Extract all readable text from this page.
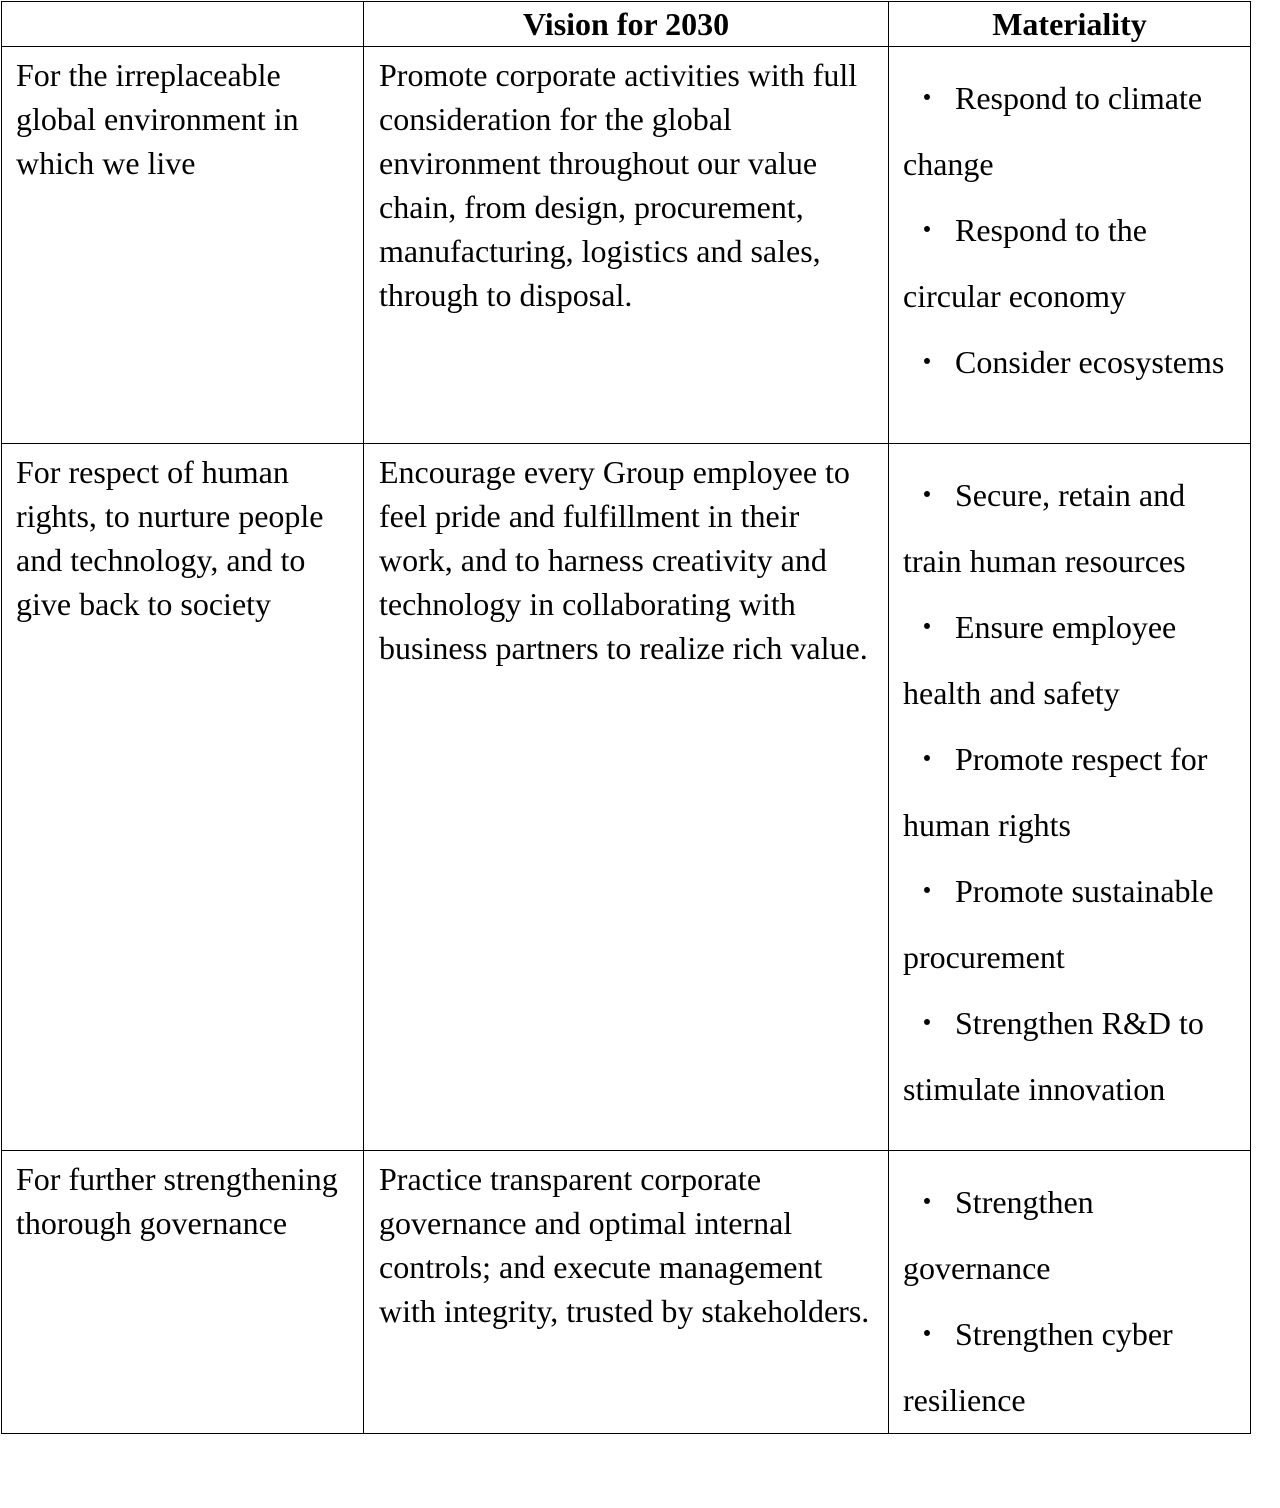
	Vision for 2030	Materiality

For the irreplaceable global environment in which we live	Promote corporate activities with full consideration for the global environment throughout our value chain, from design, procurement, manufacturing, logistics and sales, through to disposal.	・ Respond to climate change
・ Respond to the circular economy
・ Consider ecosystems

For respect of human rights, to nurture people and technology, and to give back to society	Encourage every Group employee to feel pride and fulfillment in their work, and to harness creativity and technology in collaborating with business partners to realize rich value.	・ Secure, retain and train human resources
・ Ensure employee health and safety
・ Promote respect for human rights
・ Promote sustainable procurement
・ Strengthen R&D to stimulate innovation

For further strengthening thorough governance	Practice transparent corporate governance and optimal internal controls; and execute management with integrity, trusted by stakeholders.	・ Strengthen governance
・ Strengthen cyber resilience
